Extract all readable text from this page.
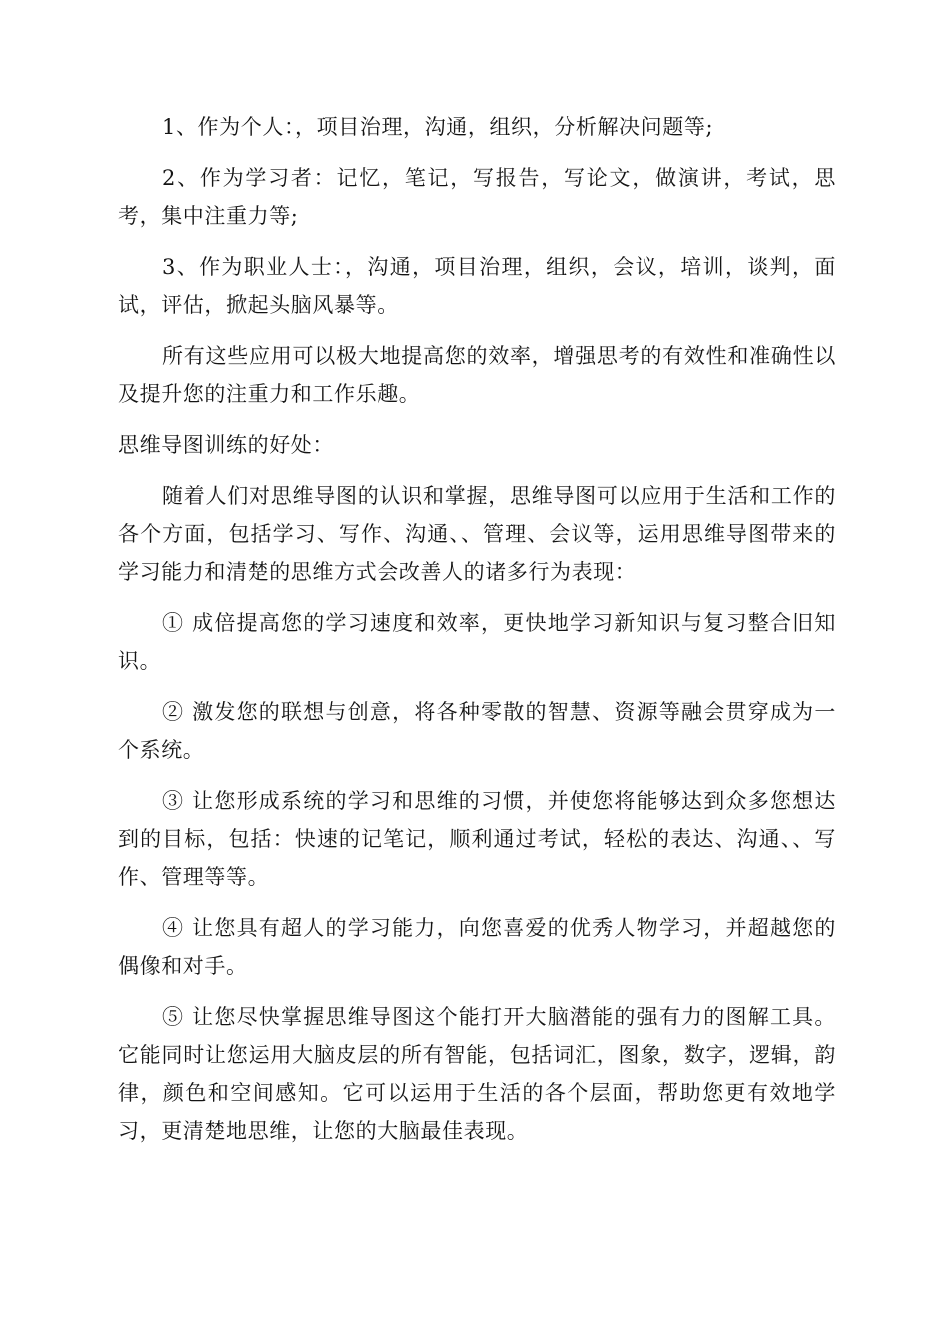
1、作为个人：，项目治理，沟通，组织，分析解决问题等;

2、作为学习者：记忆，笔记，写报告，写论文，做演讲，考试，思考，集中注重力等;

3、作为职业人士：，沟通，项目治理，组织，会议，培训，谈判，面试，评估，掀起头脑风暴等。

所有这些应用可以极大地提高您的效率，增强思考的有效性和准确性以及提升您的注重力和工作乐趣。

思维导图训练的好处：

随着人们对思维导图的认识和掌握，思维导图可以应用于生活和工作的各个方面，包括学习、写作、沟通、、管理、会议等，运用思维导图带来的学习能力和清楚的思维方式会改善人的诸多行为表现：

① 成倍提高您的学习速度和效率，更快地学习新知识与复习整合旧知识。

② 激发您的联想与创意，将各种零散的智慧、资源等融会贯穿成为一个系统。

③ 让您形成系统的学习和思维的习惯，并使您将能够达到众多您想达到的目标，包括：快速的记笔记，顺利通过考试，轻松的表达、沟通、、写作、管理等等。

④ 让您具有超人的学习能力，向您喜爱的优秀人物学习，并超越您的偶像和对手。

⑤ 让您尽快掌握思维导图这个能打开大脑潜能的强有力的图解工具。它能同时让您运用大脑皮层的所有智能，包括词汇，图象，数字，逻辑，韵律，颜色和空间感知。它可以运用于生活的各个层面，帮助您更有效地学习，更清楚地思维，让您的大脑最佳表现。
